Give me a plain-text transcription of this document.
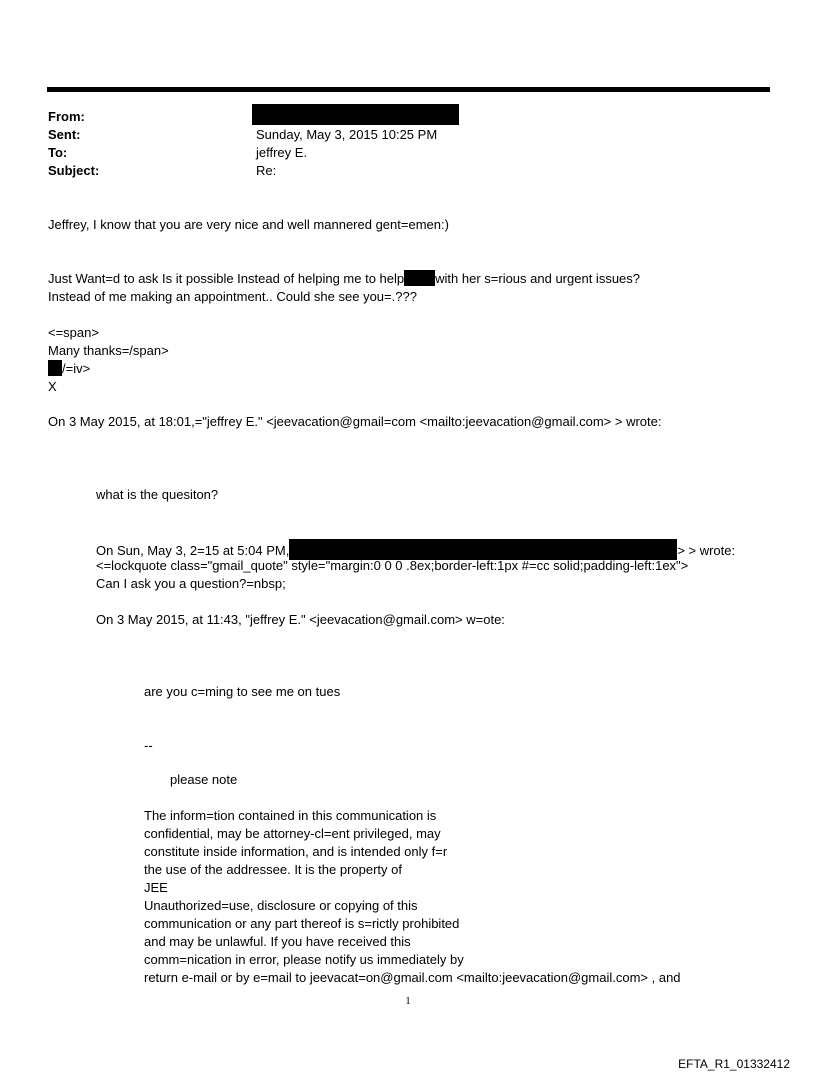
From:
Sent:
To:
Subject:
Sunday, May 3, 2015 10:25 PM
jeffrey E.
Re:
Jeffrey, I know that you are very nice and well mannered gent=emen:)
Just Want=d to ask Is it possible Instead of helping me to help with her s=rious and urgent issues?
Instead of me making an appointment.. Could she see you=.???
<=span>
Many thanks=/span>
/=iv>
X
On 3 May 2015, at 18:01,="jeffrey E." <jeevacation@gmail=com <mailto:jeevacation@gmail.com> > wrote:
what is the quesiton?
On Sun, May 3, 2=15 at 5:04 PM,	> > wrote:
<=lockquote class="gmail_quote" style="margin:0 0 0 .8ex;border-left:1px #=cc solid;padding-left:1ex">
Can I ask you a question?=nbsp;
On 3 May 2015, at 11:43, "jeffrey E." <jeevacation@gmail.com> w=ote:
are you c=ming to see me on tues
--
please note
The inform=tion contained in this communication is
confidential, may be attorney-cl=ent privileged, may
constitute inside information, and is intended only f=r
the use of the addressee. It is the property of
JEE
Unauthorized=use, disclosure or copying of this
communication or any part thereof is s=rictly prohibited
and may be unlawful. If you have received this
comm=nication in error, please notify us immediately by
return e-mail or by e=mail to jeevacat=on@gmail.com <mailto:jeevacation@gmail.com> , and
1
EFTA_R1_01332412
